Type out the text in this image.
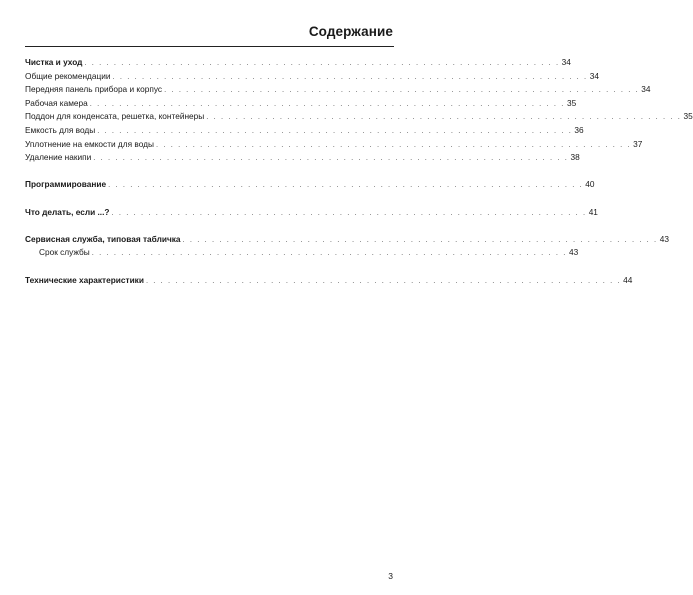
Содержание
Чистка и уход . . . . . . . . . . . . . . . . . . . . . . . . . . . . . . . . . . . . . . . . . . . . . . . . . . . . . . . . . . . . . . . . . 34
Общие рекомендации . . . . . . . . . . . . . . . . . . . . . . . . . . . . . . . . . . . . . . . . . . . . . . . . . . . . . . . . . . . . . . . . . 34
Передняя панель прибора и корпус . . . . . . . . . . . . . . . . . . . . . . . . . . . . . . . . . . . . . . . . . . . . . . . . . . . . . . . . . . . . . . . . . 34
Рабочая камера . . . . . . . . . . . . . . . . . . . . . . . . . . . . . . . . . . . . . . . . . . . . . . . . . . . . . . . . . . . . . . . . . 35
Поддон для конденсата, решетка, контейнеры . . . . . . . . . . . . . . . . . . . . . . . . . . . . . . . . . . . . . . . . . . . . . . . . . . . . . . . . . . . . . . . . . 35
Емкость для воды . . . . . . . . . . . . . . . . . . . . . . . . . . . . . . . . . . . . . . . . . . . . . . . . . . . . . . . . . . . . . . . . . 36
Уплотнение на емкости для воды . . . . . . . . . . . . . . . . . . . . . . . . . . . . . . . . . . . . . . . . . . . . . . . . . . . . . . . . . . . . . . . . . 37
Удаление накипи . . . . . . . . . . . . . . . . . . . . . . . . . . . . . . . . . . . . . . . . . . . . . . . . . . . . . . . . . . . . . . . . . 38
Программирование . . . . . . . . . . . . . . . . . . . . . . . . . . . . . . . . . . . . . . . . . . . . . . . . . . . . . . . . . . . . . . . . . 40
Что делать, если ...? . . . . . . . . . . . . . . . . . . . . . . . . . . . . . . . . . . . . . . . . . . . . . . . . . . . . . . . . . . . . . . . . . 41
Сервисная служба, типовая табличка . . . . . . . . . . . . . . . . . . . . . . . . . . . . . . . . . . . . . . . . . . . . . . . . . . . . . . . . . . . . . . . . . 43
Срок службы . . . . . . . . . . . . . . . . . . . . . . . . . . . . . . . . . . . . . . . . . . . . . . . . . . . . . . . . . . . . . . . . . 43
Технические характеристики . . . . . . . . . . . . . . . . . . . . . . . . . . . . . . . . . . . . . . . . . . . . . . . . . . . . . . . . . . . . . . . . . 44
3
